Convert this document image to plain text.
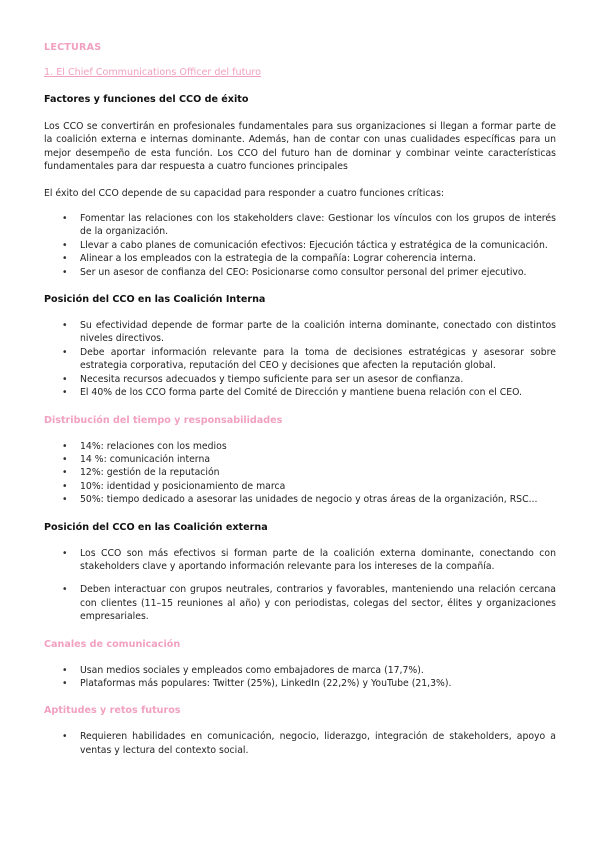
LECTURAS
1. El Chief Communications Officer del futuro
Factores y funciones del CCO de éxito

Los CCO se convertirán en profesionales fundamentales para sus organizaciones si llegan a formar parte de la coalición externa e internas dominante. Además, han de contar con unas cualidades específicas para un mejor desempeño de esta función. Los CCO del futuro han de dominar y combinar veinte características fundamentales para dar respuesta a cuatro funciones principales

El éxito del CCO depende de su capacidad para responder a cuatro funciones críticas:

• Fomentar las relaciones con los stakeholders clave: Gestionar los vínculos con los grupos de interés de la organización.
• Llevar a cabo planes de comunicación efectivos: Ejecución táctica y estratégica de la comunicación.
• Alinear a los empleados con la estrategia de la compañía: Lograr coherencia interna.
• Ser un asesor de confianza del CEO: Posicionarse como consultor personal del primer ejecutivo.
Posición del CCO en las Coalición Interna
• Su efectividad depende de formar parte de la coalición interna dominante, conectado con distintos niveles directivos.
• Debe aportar información relevante para la toma de decisiones estratégicas y asesorar sobre estrategia corporativa, reputación del CEO y decisiones que afecten la reputación global.
• Necesita recursos adecuados y tiempo suficiente para ser un asesor de confianza.
• El 40% de los CCO forma parte del Comité de Dirección y mantiene buena relación con el CEO.
Distribución del tiempo y responsabilidades
• 14%: relaciones con los medios
• 14 %: comunicación interna
• 12%: gestión de la reputación
• 10%: identidad y posicionamiento de marca
• 50%: tiempo dedicado a asesorar las unidades de negocio y otras áreas de la organización, RSC...
Posición del CCO en las Coalición externa
• Los CCO son más efectivos si forman parte de la coalición externa dominante, conectando con stakeholders clave y aportando información relevante para los intereses de la compañía.
• Deben interactuar con grupos neutrales, contrarios y favorables, manteniendo una relación cercana con clientes (11–15 reuniones al año) y con periodistas, colegas del sector, élites y organizaciones empresariales.
Canales de comunicación
• Usan medios sociales y empleados como embajadores de marca (17,7%).
• Plataformas más populares: Twitter (25%), LinkedIn (22,2%) y YouTube (21,3%).
Aptitudes y retos futuros
• Requieren habilidades en comunicación, negocio, liderazgo, integración de stakeholders, apoyo a ventas y lectura del contexto social.
